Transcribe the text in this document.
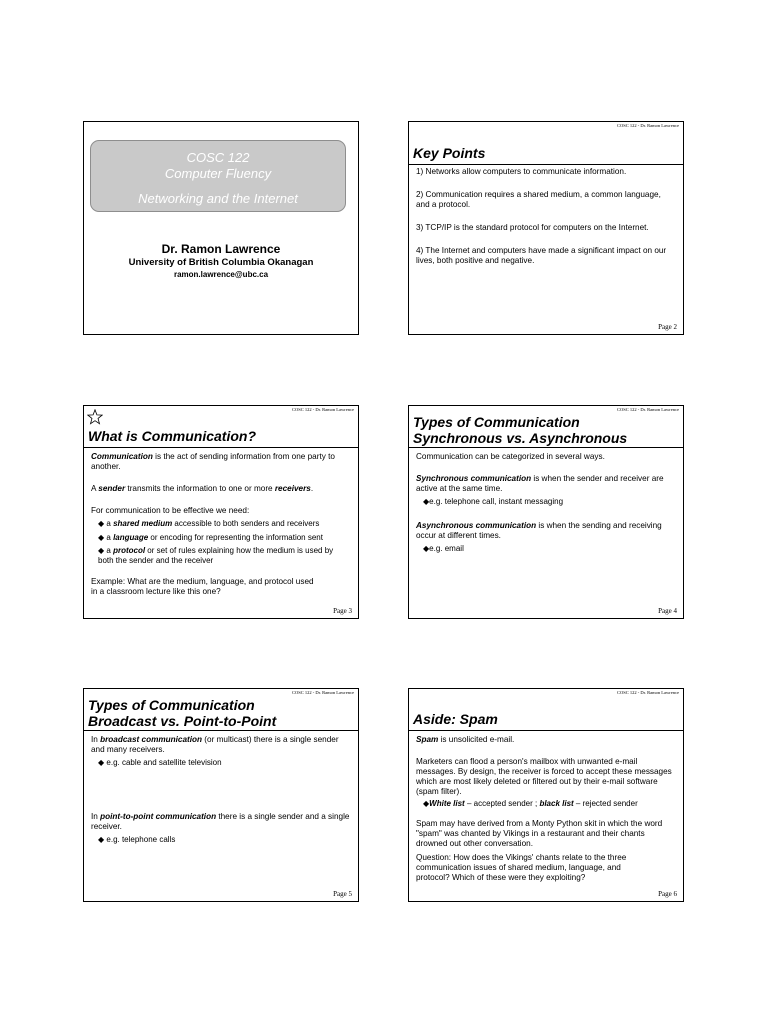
COSC 122
Computer Fluency
Networking and the Internet
Dr. Ramon Lawrence
University of British Columbia Okanagan
ramon.lawrence@ubc.ca
COSC 122 - Dr. Ramon Lawrence
Key Points

1) Networks allow computers to communicate information.

2) Communication requires a shared medium, a common language, and a protocol.

3) TCP/IP is the standard protocol for computers on the Internet.

4) The Internet and computers have made a significant impact on our lives, both positive and negative.

Page 2
COSC 122 - Dr. Ramon Lawrence
What is Communication?

Communication is the act of sending information from one party to another.

A sender transmits the information to one or more receivers.

For communication to be effective we need:

◆ a shared medium accessible to both senders and receivers
◆ a language or encoding for representing the information sent
◆ a protocol or set of rules explaining how the medium is used by both the sender and the receiver

Example: What are the medium, language, and protocol used in a classroom lecture like this one?

Page 3
COSC 122 - Dr. Ramon Lawrence
Types of Communication
Synchronous vs. Asynchronous

Communication can be categorized in several ways.

Synchronous communication is when the sender and receiver are active at the same time.

◆e.g. telephone call, instant messaging

Asynchronous communication is when the sending and receiving occur at different times.

◆e.g. email
Page 4
COSC 122 - Dr. Ramon Lawrence
Types of Communication
Broadcast vs. Point-to-Point

In broadcast communication (or multicast) there is a single sender and many receivers.

◆ e.g. cable and satellite television

In point-to-point communication there is a single sender and a single receiver.

◆ e.g. telephone calls
Page 5
COSC 122 - Dr. Ramon Lawrence
Aside: Spam

Spam is unsolicited e-mail.

Marketers can flood a person's mailbox with unwanted e-mail messages. By design, the receiver is forced to accept these messages which are most likely deleted or filtered out by their e-mail software (spam filter).

◆White list – accepted sender ; black list – rejected sender

Spam may have derived from a Monty Python skit in which the word "spam" was chanted by Vikings in a restaurant and their chants drowned out other conversation.

Question: How does the Vikings' chants relate to the three communication issues of shared medium, language, and protocol? Which of these were they exploiting?

Page 6
